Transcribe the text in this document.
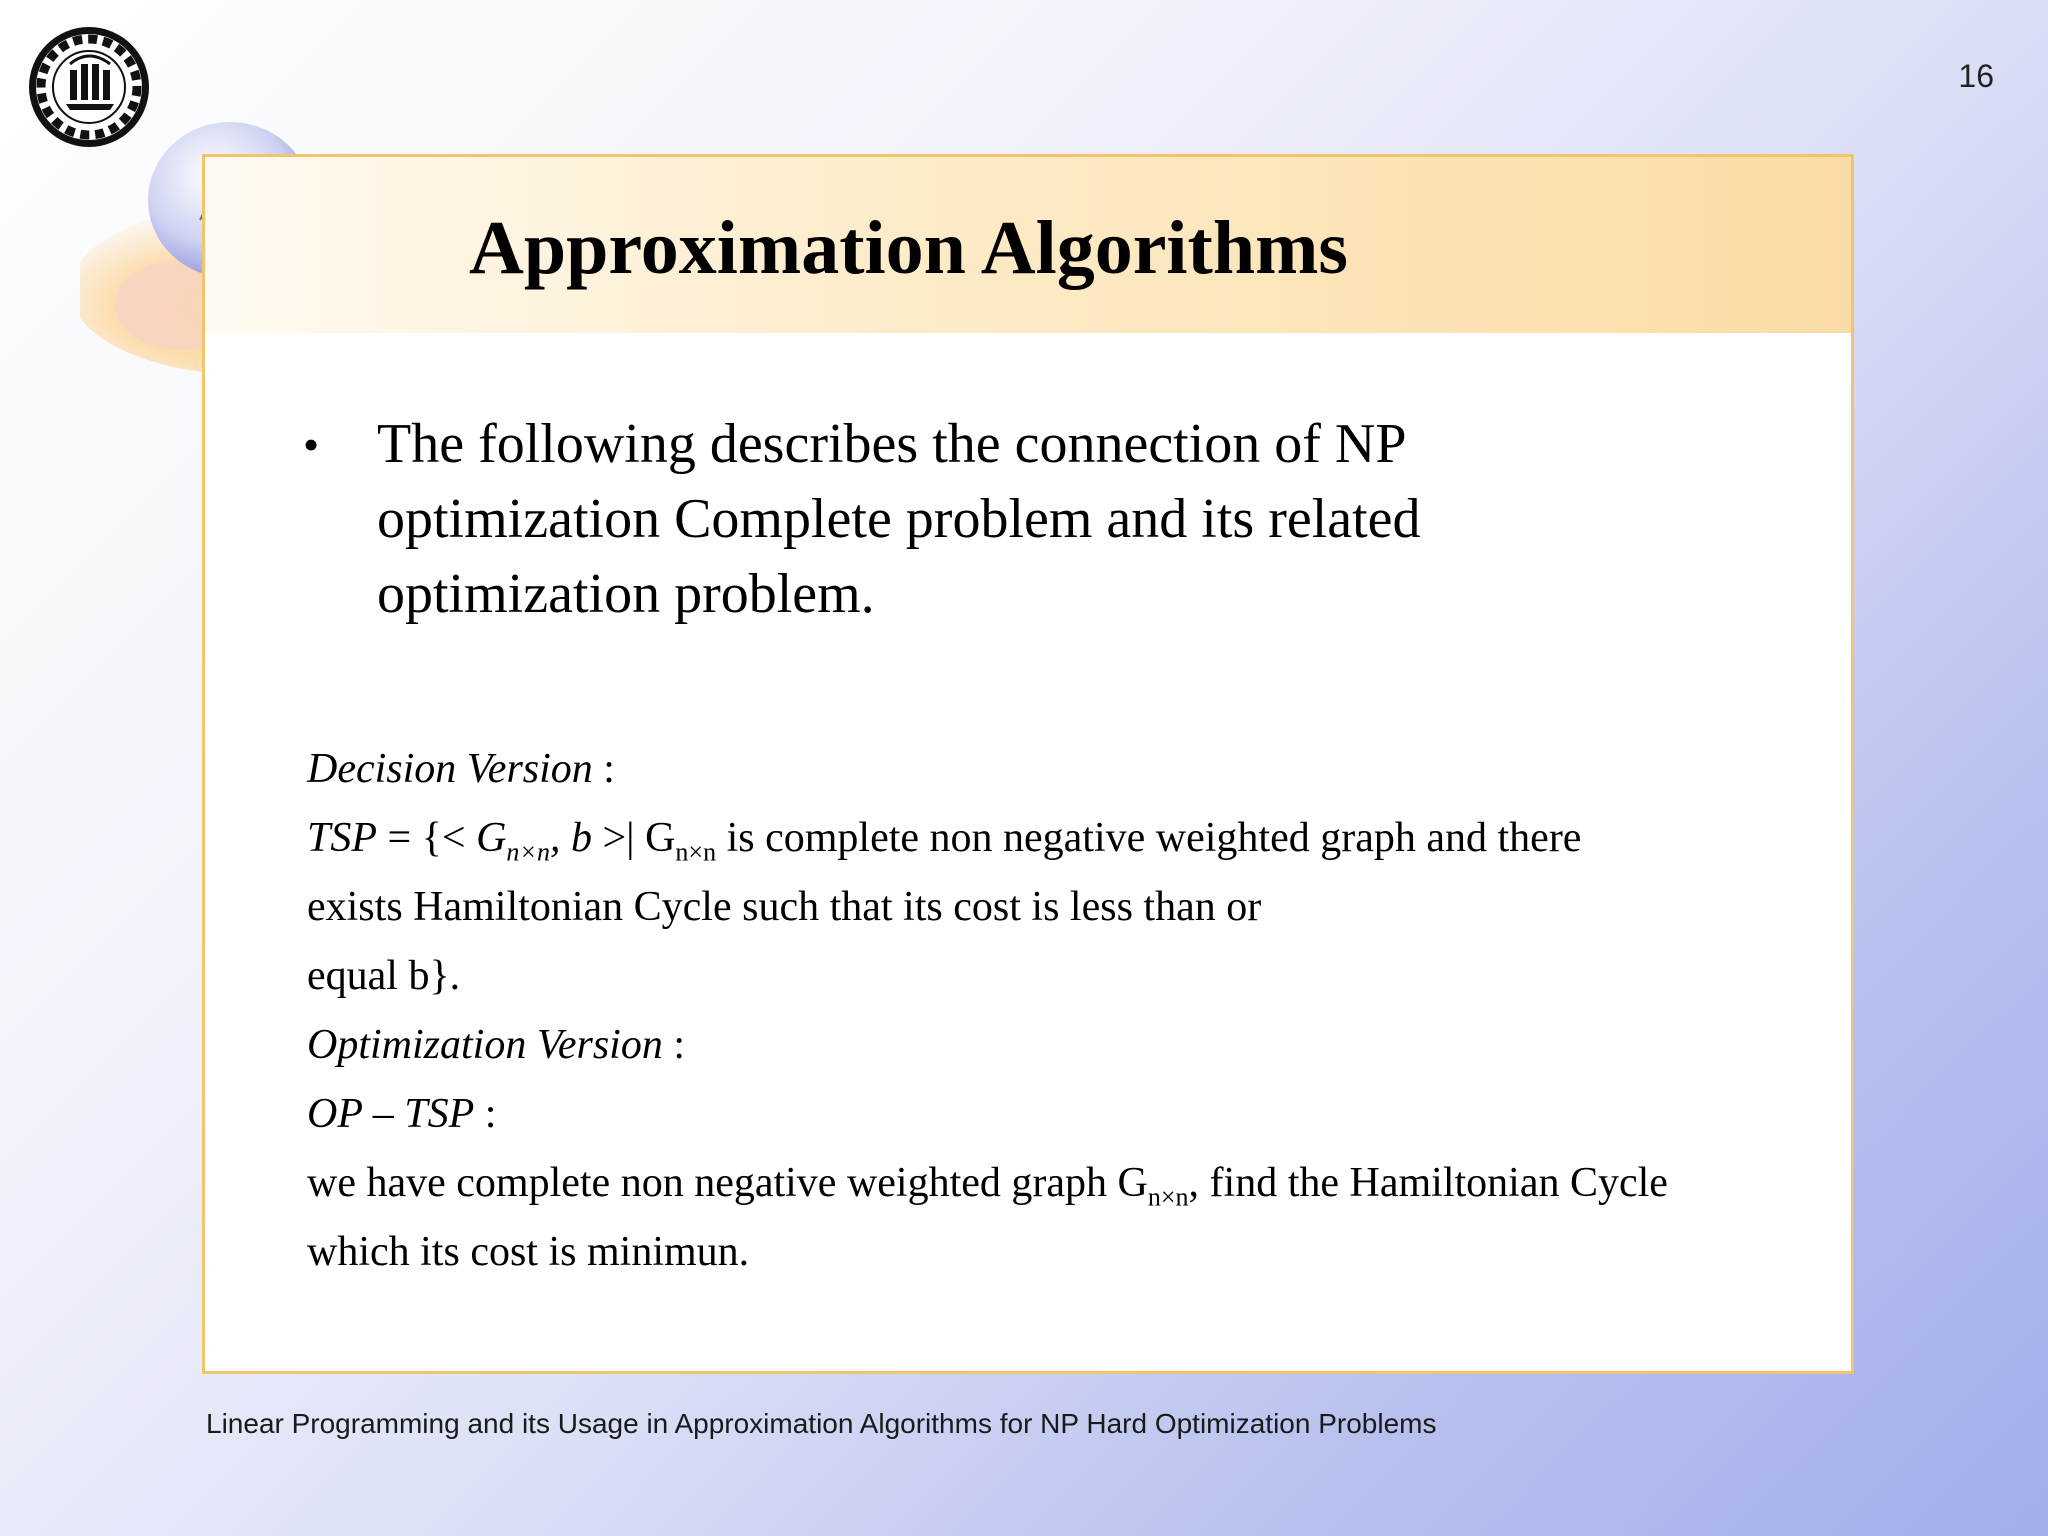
16
Approximation Algorithms
• The following describes the connection of NP optimization Complete problem and its related optimization problem.
Decision Version :
TSP = {< $G_{n\times n}$, b >| $G_{n\times n}$ is complete non negative weighted graph and there
exists Hamiltonian Cycle such that its cost is less than or
equal b}.
Optimization Version :
OP – TSP :
we have complete non negative weighted graph $G_{n\times n}$, find the Hamiltonian Cycle
which its cost is minimun.
Linear Programming and its Usage in Approximation Algorithms for NP Hard Optimization Problems
